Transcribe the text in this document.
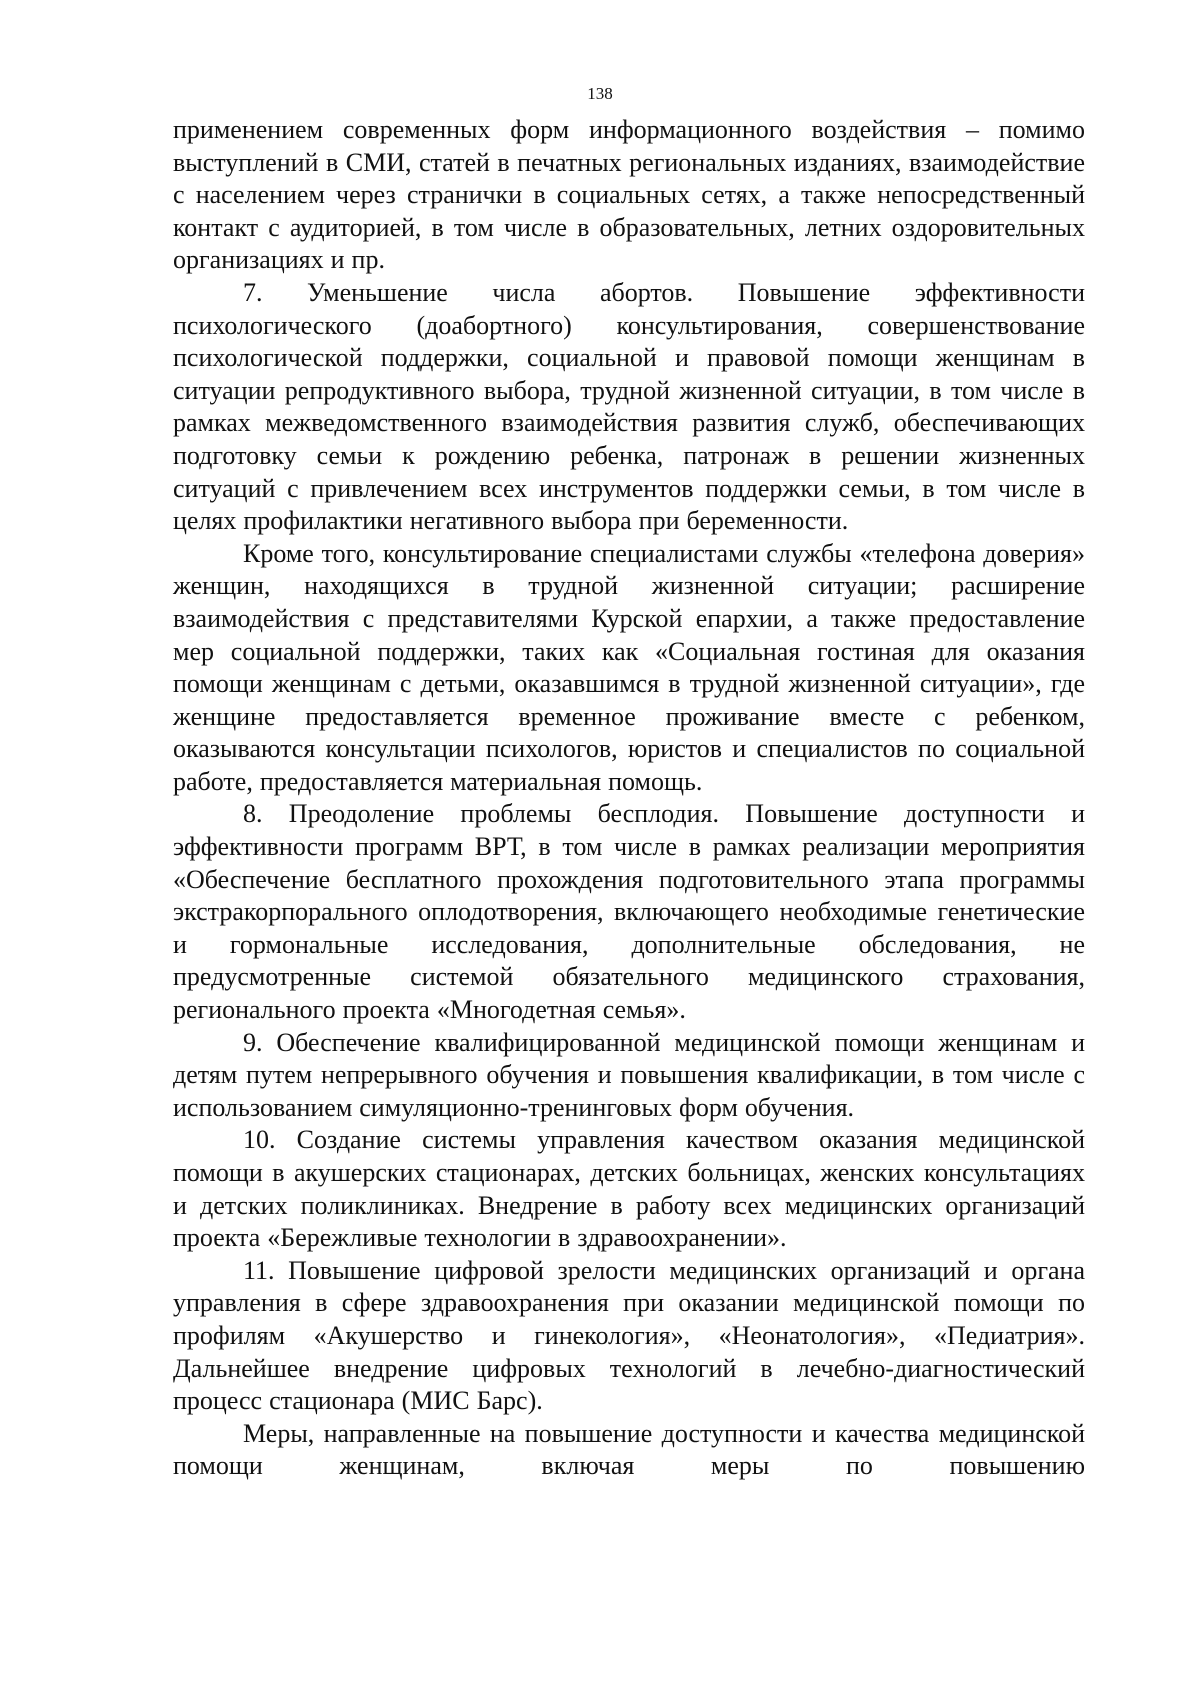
138

применением современных форм информационного воздействия – помимо выступлений в СМИ, статей в печатных региональных изданиях, взаимодействие с населением через странички в социальных сетях, а также непосредственный контакт с аудиторией, в том числе в образовательных, летних оздоровительных организациях и пр.

7. Уменьшение числа абортов. Повышение эффективности психологического (доабортного) консультирования, совершенствование психологической поддержки, социальной и правовой помощи женщинам в ситуации репродуктивного выбора, трудной жизненной ситуации, в том числе в рамках межведомственного взаимодействия развития служб, обеспечивающих подготовку семьи к рождению ребенка, патронаж в решении жизненных ситуаций с привлечением всех инструментов поддержки семьи, в том числе в целях профилактики негативного выбора при беременности.

Кроме того, консультирование специалистами службы «телефона доверия» женщин, находящихся в трудной жизненной ситуации; расширение взаимодействия с представителями Курской епархии, а также предоставление мер социальной поддержки, таких как «Социальная гостиная для оказания помощи женщинам с детьми, оказавшимся в трудной жизненной ситуации», где женщине предоставляется временное проживание вместе с ребенком, оказываются консультации психологов, юристов и специалистов по социальной работе, предоставляется материальная помощь.

8. Преодоление проблемы бесплодия. Повышение доступности и эффективности программ ВРТ, в том числе в рамках реализации мероприятия «Обеспечение бесплатного прохождения подготовительного этапа программы экстракорпорального оплодотворения, включающего необходимые генетические и гормональные исследования, дополнительные обследования, не предусмотренные системой обязательного медицинского страхования, регионального проекта «Многодетная семья».

9. Обеспечение квалифицированной медицинской помощи женщинам и детям путем непрерывного обучения и повышения квалификации, в том числе с использованием симуляционно-тренинговых форм обучения.

10. Создание системы управления качеством оказания медицинской помощи в акушерских стационарах, детских больницах, женских консультациях и детских поликлиниках. Внедрение в работу всех медицинских организаций проекта «Бережливые технологии в здравоохранении».

11. Повышение цифровой зрелости медицинских организаций и органа управления в сфере здравоохранения при оказании медицинской помощи по профилям «Акушерство и гинекология», «Неонатология», «Педиатрия». Дальнейшее внедрение цифровых технологий в лечебно-диагностический процесс стационара (МИС Барс).

Меры, направленные на повышение доступности и качества медицинской помощи женщинам, включая меры по повышению
